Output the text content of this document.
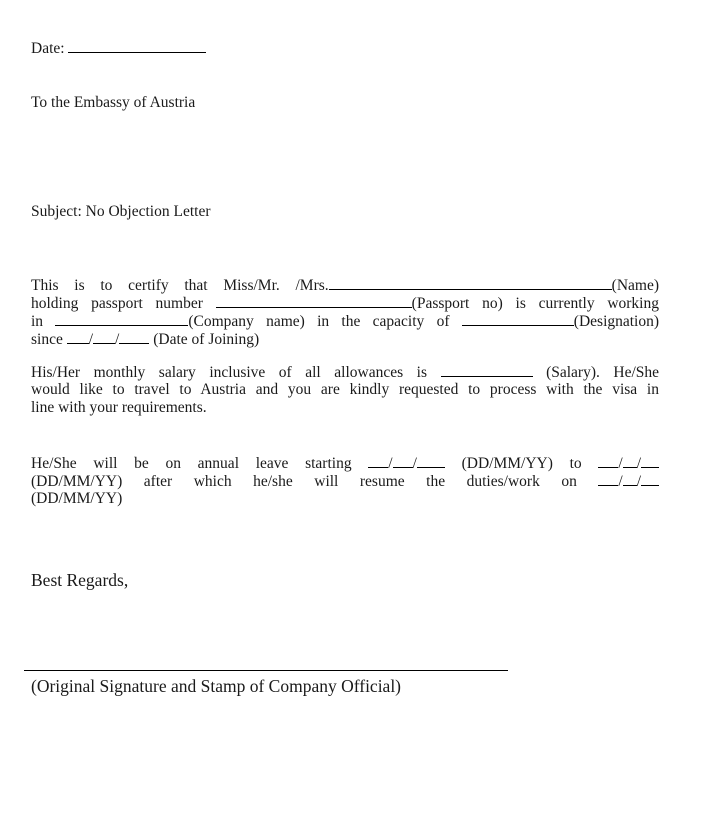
Date:
To the Embassy of Austria
Subject: No Objection Letter
This is to certify that Miss/Mr. /Mrs.	(Name)
holding passport number	(Passport no) is currently working
in	(Company name) in the capacity of	(Designation)
since / / (Date of Joining)
His/Her monthly salary inclusive of all allowances is	(Salary). He/She
would like to travel to Austria and you are kindly requested to process with the visa in
line with your requirements.
He/She will be on annual leave starting / /	(DD/MM/YY) to / /
(DD/MM/YY) after which he/she will resume the duties/work on	/ /
(DD/MM/YY)
Best Regards,
(Original Signature and Stamp of Company Official)
